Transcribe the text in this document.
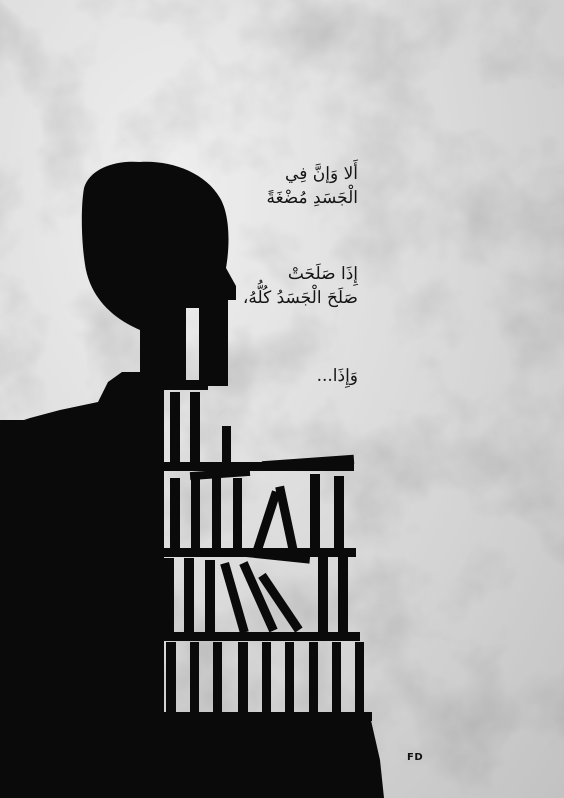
أَلا وَإنَّ فِي
الْجَسَدِ مُضْغَةً
إِذَا صَلَحَتْ
صَلَحَ الْجَسَدُ كُلُّهُ،
وَإِذَا...
FD
